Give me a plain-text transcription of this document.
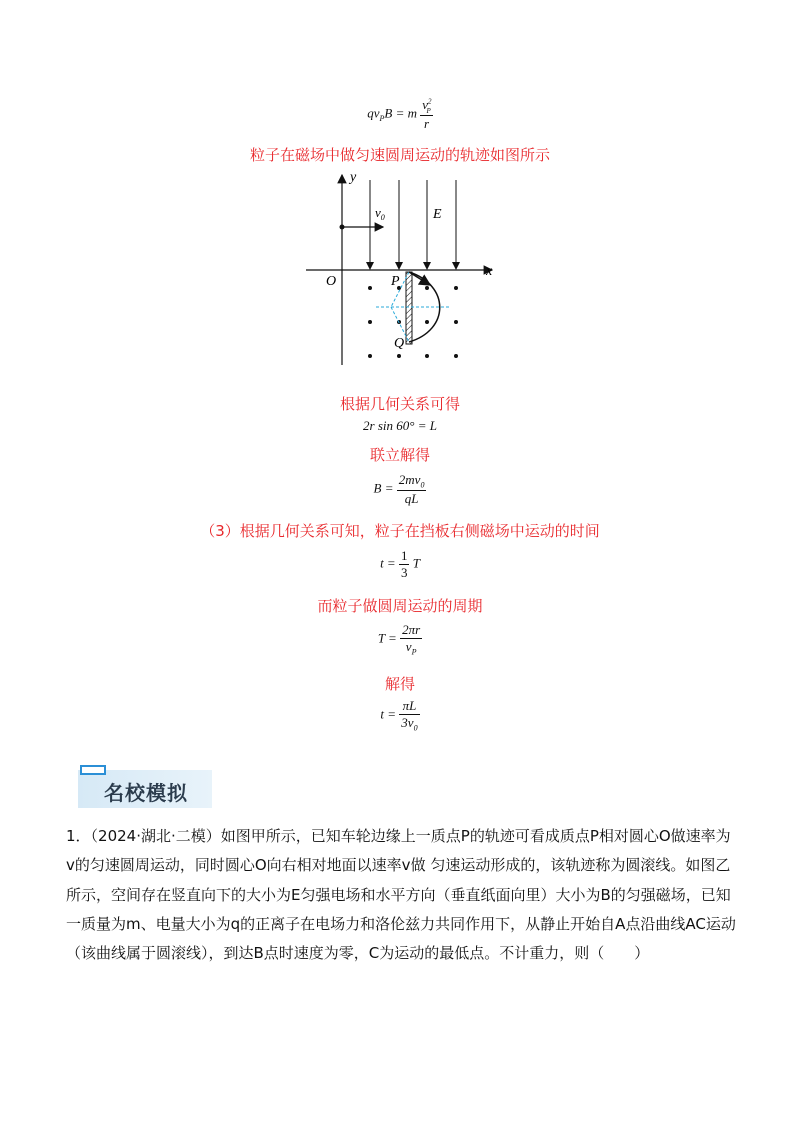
$qv_PB = m \frac{v^2_P}{r}$
粒子在磁场中做匀速圆周运动的轨迹如图所示
y
x
O
E
$v_0$
P
Q
根据几何关系可得
2r sin 60° = L
联立解得
$B = \frac{2mv_0}{qL}$
（3）根据几何关系可知，粒子在挡板右侧磁场中运动的时间
$t = \frac{1}{3}$ T
而粒子做圆周运动的周期
$T = \frac{2\pi r}{v_P}$
解得
$t = \frac{\pi L}{3v_0}$
名校模拟
1．（2024·湖北·二模）如图甲所示，已知车轮边缘上一质点P的轨迹可看成质点P相对圆心O做速率为v的匀速圆周运动，同时圆心O向右相对地面以速率v做 匀速运动形成的，该轨迹称为圆滚线。如图乙所示，空间存在竖直向下的大小为E匀强电场和水平方向（垂直纸面向里）大小为B的匀强磁场，已知一质量为m、电量大小为q的正离子在电场力和洛伦兹力共同作用下，从静止开始自A点沿曲线AC运动（该曲线属于圆滚线），到达B点时速度为零，C为运动的最低点。不计重力，则（　　）
